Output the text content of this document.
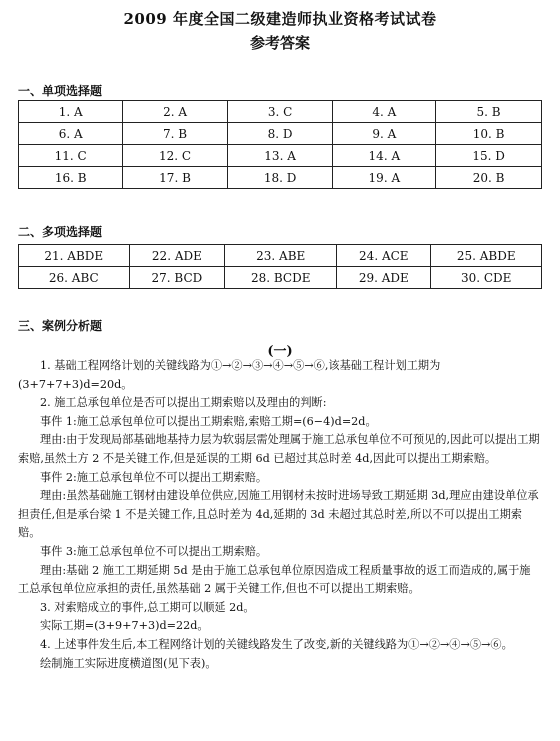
2009 年度全国二级建造师执业资格考试试卷
参考答案
一、单项选择题
1. A	2. A	3. C	4. A	5. B
6. A	7. B	8. D	9. A	10. B
11. C	12. C	13. A	14. A	15. D
16. B	17. B	18. D	19. A	20. B
二、多项选择题
21. ABDE	22. ADE	23. ABE	24. ACE	25. ABDE
26. ABC	27. BCD	28. BCDE	29. ADE	30. CDE
三、案例分析题
(一)

1. 基础工程网络计划的关键线路为①→②→③→④→⑤→⑥,该基础工程计划工期为(3+7+7+3)d=20d。

2. 施工总承包单位是否可以提出工期索赔以及理由的判断:

事件 1:施工总承包单位可以提出工期索赔,索赔工期=(6−4)d=2d。

理由:由于发现局部基础地基持力层为软弱层需处理属于施工总承包单位不可预见的,因此可以提出工期索赔,虽然土方 2 不是关键工作,但是延误的工期 6d 已超过其总时差 4d,因此可以提出工期索赔。

事件 2:施工总承包单位不可以提出工期索赔。

理由:虽然基础施工钢材由建设单位供应,因施工用钢材未按时进场导致工期延期 3d,理应由建设单位承担责任,但是承台梁 1 不是关键工作,且总时差为 4d,延期的 3d 未超过其总时差,所以不可以提出工期索赔。

事件 3:施工总承包单位不可以提出工期索赔。

理由:基础 2 施工工期延期 5d 是由于施工总承包单位原因造成工程质量事故的返工而造成的,属于施工总承包单位应承担的责任,虽然基础 2 属于关键工作,但也不可以提出工期索赔。

3. 对索赔成立的事件,总工期可以顺延 2d。

实际工期=(3+9+7+3)d=22d。

4. 上述事件发生后,本工程网络计划的关键线路发生了改变,新的关键线路为①→②→④→⑤→⑥。

绘制施工实际进度横道图(见下表)。
